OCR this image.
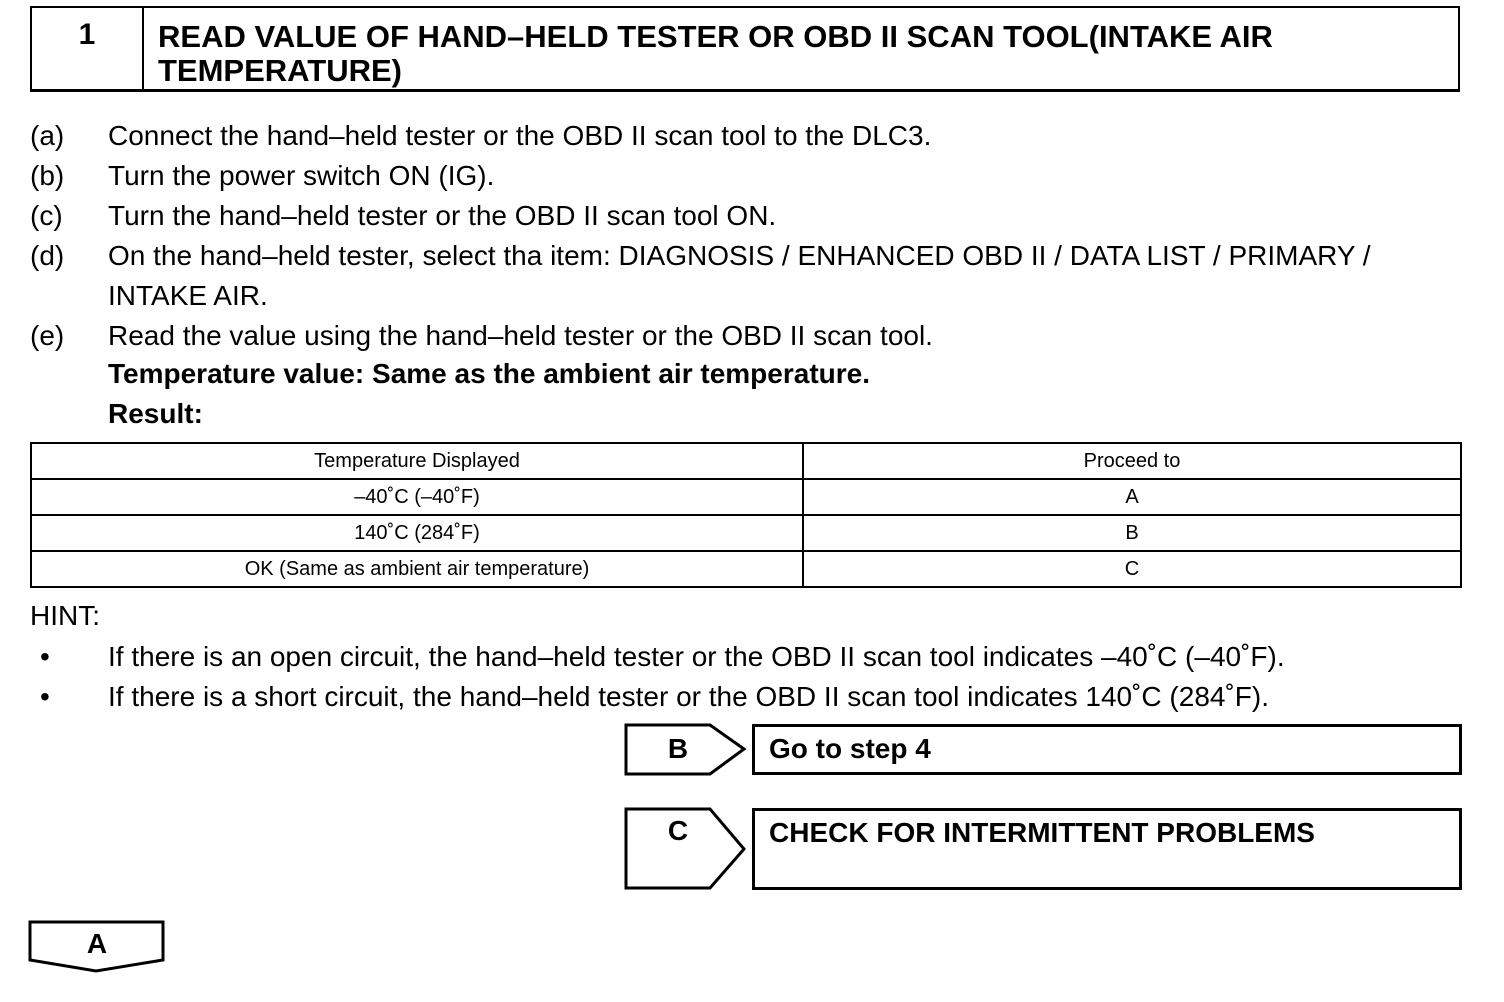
1	READ VALUE OF HAND–HELD TESTER OR OBD II SCAN TOOL(INTAKE AIR TEMPERATURE)
(a) Connect the hand–held tester or the OBD II scan tool to the DLC3.
(b) Turn the power switch ON (IG).
(c) Turn the hand–held tester or the OBD II scan tool ON.
(d) On the hand–held tester, select tha item: DIAGNOSIS / ENHANCED OBD II / DATA LIST / PRIMARY / INTAKE AIR.
(e) Read the value using the hand–held tester or the OBD II scan tool.
Temperature value: Same as the ambient air temperature.
Result:
Temperature Displayed	Proceed to
–40˚C (–40˚F)	A
140˚C (284˚F)	B
OK (Same as ambient air temperature)	C
HINT:
• If there is an open circuit, the hand–held tester or the OBD II scan tool indicates –40˚C (–40˚F).
• If there is a short circuit, the hand–held tester or the OBD II scan tool indicates 140˚C (284˚F).
B	Go to step 4
C	CHECK FOR INTERMITTENT PROBLEMS
A
